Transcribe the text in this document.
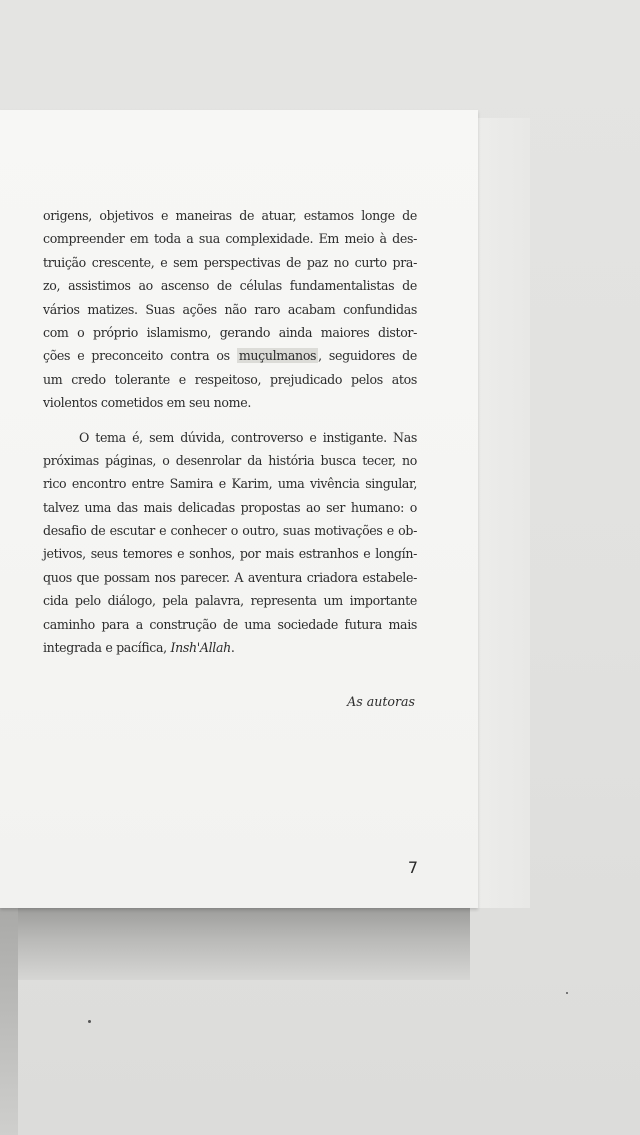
origens, objetivos e maneiras de atuar, estamos longe de
compreender em toda a sua complexidade. Em meio à des-
truição crescente, e sem perspectivas de paz no curto pra-
zo, assistimos ao ascenso de células fundamentalistas de
vários matizes. Suas ações não raro acabam confundidas
com o próprio islamismo, gerando ainda maiores distor-
ções e preconceito contra os muçulmanos , seguidores de
um credo tolerante e respeitoso, prejudicado pelos atos
violentos cometidos em seu nome.
O tema é, sem dúvida, controverso e instigante. Nas
próximas páginas, o desenrolar da história busca tecer, no
rico encontro entre Samira e Karim, uma vivência singular,
talvez uma das mais delicadas propostas ao ser humano: o
desafio de escutar e conhecer o outro, suas motivações e ob-
jetivos, seus temores e sonhos, por mais estranhos e longín-
quos que possam nos parecer. A aventura criadora estabele-
cida pelo diálogo, pela palavra, representa um importante
caminho para a construção de uma sociedade futura mais
integrada e pacífica, Insh'Allah.
As autoras
7
